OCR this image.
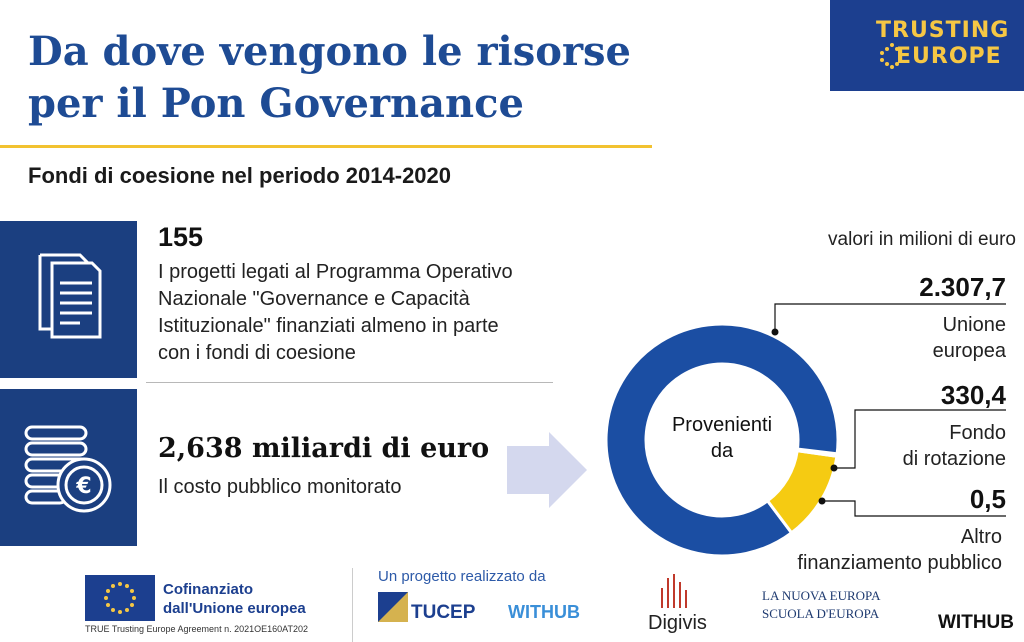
Da dove vengono le risorse
per il Pon Governance
Fondi di coesione nel periodo 2014-2020
TRUSTING
EUROPE
155
I progetti legati al Programma Operativo
Nazionale "Governance e Capacità
Istituzionale" finanziati almeno in parte
con i fondi di coesione
€
2,638 miliardi di euro
Il costo pubblico monitorato
valori in milioni di euro
Provenienti
da
2.307,7
Unione
europea
330,4
Fondo
di rotazione
0,5
Altro
finanziamento pubblico
Cofinanziato
dall'Unione europea
TRUE Trusting Europe Agreement n. 2021OE160AT202
Un progetto realizzato da
TUCEP WITHUB	Digivis
LA NUOVA EUROPA
SCUOLA D'EUROPA	WITHUB
